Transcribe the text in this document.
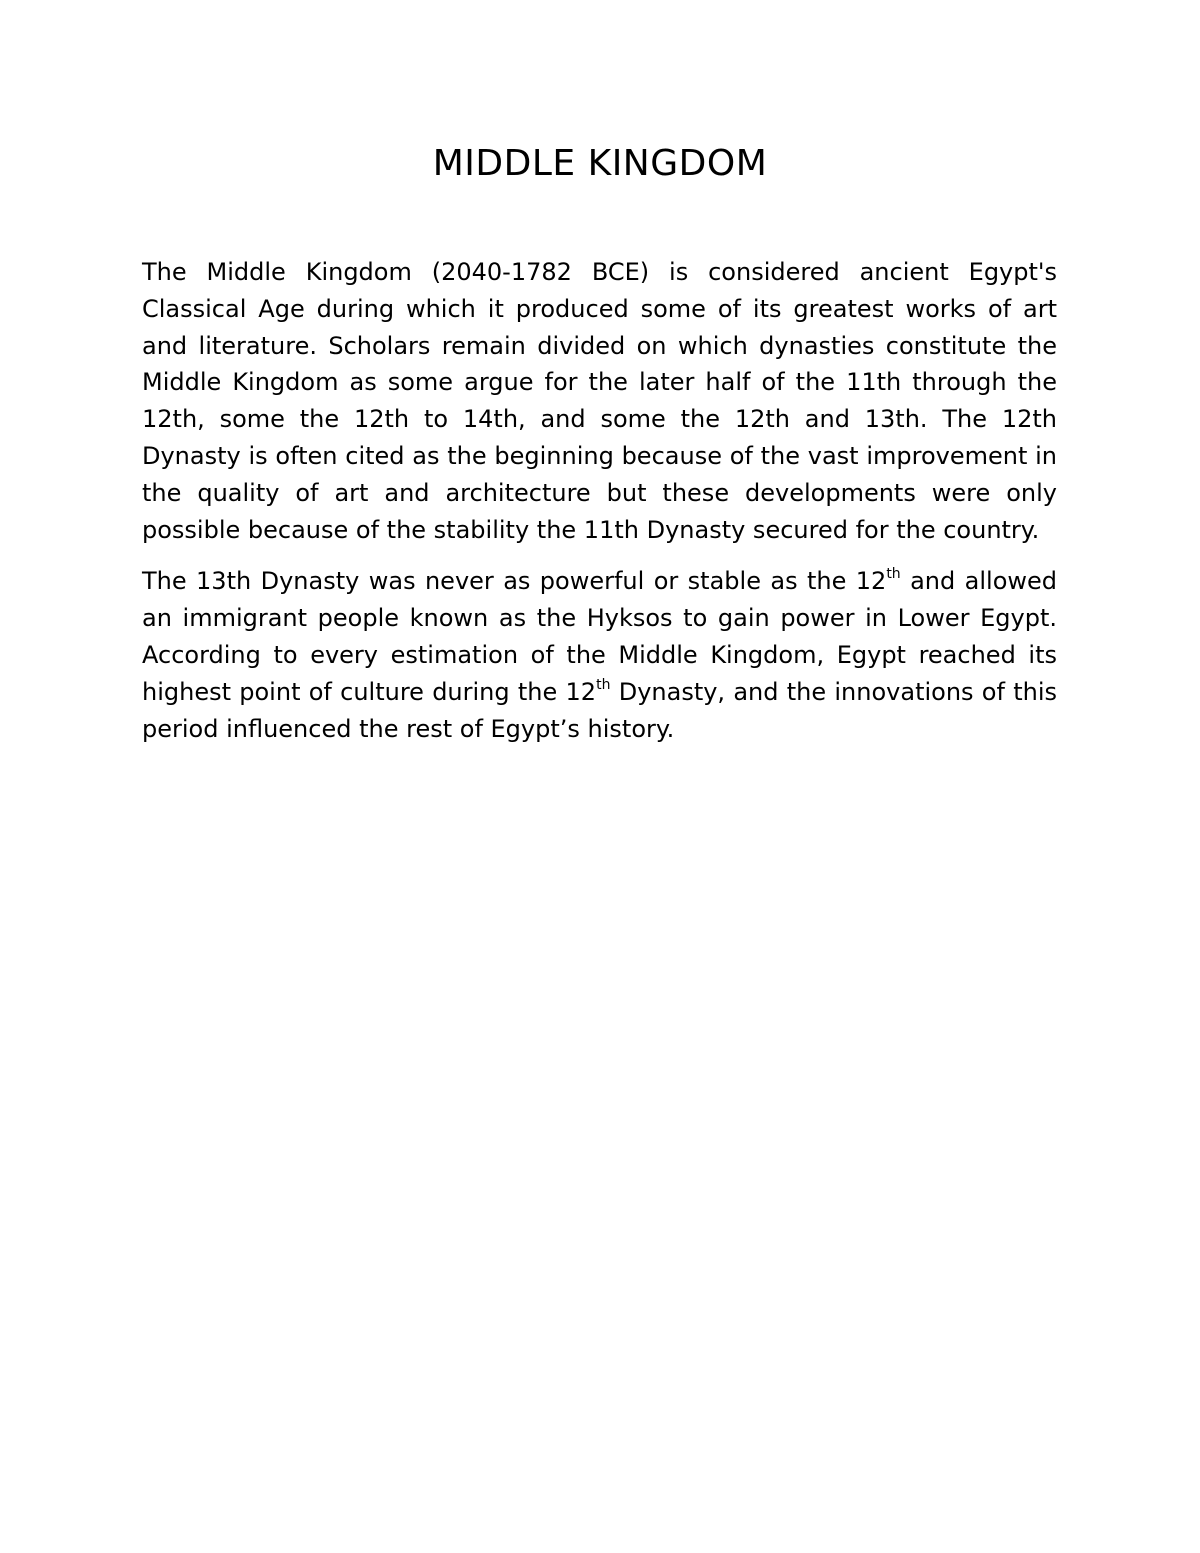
MIDDLE KINGDOM

The Middle Kingdom (2040-1782 BCE) is considered ancient Egypt's Classical Age during which it produced some of its greatest works of art and literature. Scholars remain divided on which dynasties constitute the Middle Kingdom as some argue for the later half of the 11th through the 12th, some the 12th to 14th, and some the 12th and 13th. The 12th Dynasty is often cited as the beginning because of the vast improvement in the quality of art and architecture but these developments were only possible because of the stability the 11th Dynasty secured for the country.

The 13th Dynasty was never as powerful or stable as the 12th and allowed an immigrant people known as the Hyksos to gain power in Lower Egypt. According to every estimation of the Middle Kingdom, Egypt reached its highest point of culture during the 12th Dynasty, and the innovations of this period influenced the rest of Egypt’s history.
